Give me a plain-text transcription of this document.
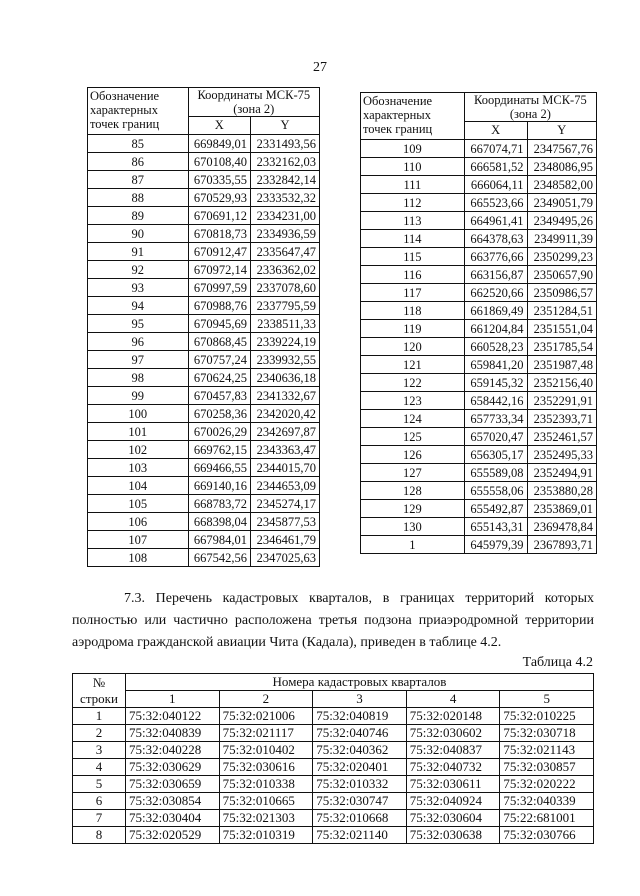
27
Обозначение характерных точек границ	Координаты МСК-75 (зона 2)	
	X	Y
85	669849,01	2331493,56
86	670108,40	2332162,03
87	670335,55	2332842,14
88	670529,93	2333532,32
89	670691,12	2334231,00
90	670818,73	2334936,59
91	670912,47	2335647,47
92	670972,14	2336362,02
93	670997,59	2337078,60
94	670988,76	2337795,59
95	670945,69	2338511,33
96	670868,45	2339224,19
97	670757,24	2339932,55
98	670624,25	2340636,18
99	670457,83	2341332,67
100	670258,36	2342020,42
101	670026,29	2342697,87
102	669762,15	2343363,47
103	669466,55	2344015,70
104	669140,16	2344653,09
105	668783,72	2345274,17
106	668398,04	2345877,53
107	667984,01	2346461,79
108	667542,56	2347025,63
Обозначение характерных точек границ	Координаты МСК-75 (зона 2)	
	X	Y
109	667074,71	2347567,76
110	666581,52	2348086,95
111	666064,11	2348582,00
112	665523,66	2349051,79
113	664961,41	2349495,26
114	664378,63	2349911,39
115	663776,66	2350299,23
116	663156,87	2350657,90
117	662520,66	2350986,57
118	661869,49	2351284,51
119	661204,84	2351551,04
120	660528,23	2351785,54
121	659841,20	2351987,48
122	659145,32	2352156,40
123	658442,16	2352291,91
124	657733,34	2352393,71
125	657020,47	2352461,57
126	656305,17	2352495,33
127	655589,08	2352494,91
128	655558,06	2353880,28
129	655492,87	2353869,01
130	655143,31	2369478,84
1	645979,39	2367893,71

7.3. Перечень кадастровых кварталов, в границах территорий которых полностью или частично расположена третья подзона приаэродромной территории аэродрома гражданской авиации Чита (Кадала), приведен в таблице 4.2.

Таблица 4.2
№ строки	Номера кадастровых кварталов				
	1	2	3	4	5
1	75:32:040122	75:32:021006	75:32:040819	75:32:020148	75:32:010225
2	75:32:040839	75:32:021117	75:32:040746	75:32:030602	75:32:030718
3	75:32:040228	75:32:010402	75:32:040362	75:32:040837	75:32:021143
4	75:32:030629	75:32:030616	75:32:020401	75:32:040732	75:32:030857
5	75:32:030659	75:32:010338	75:32:010332	75:32:030611	75:32:020222
6	75:32:030854	75:32:010665	75:32:030747	75:32:040924	75:32:040339
7	75:32:030404	75:32:021303	75:32:010668	75:32:030604	75:22:681001
8	75:32:020529	75:32:010319	75:32:021140	75:32:030638	75:32:030766
